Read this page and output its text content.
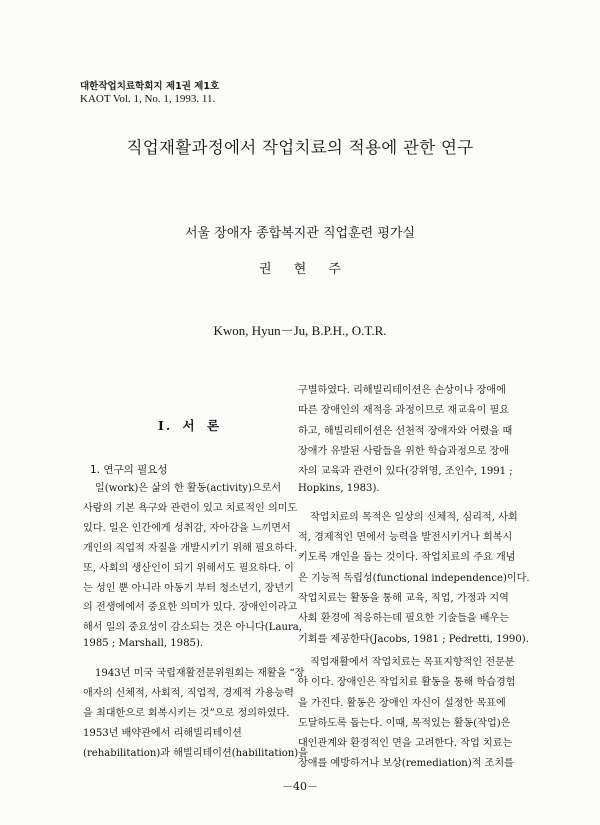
대한작업치료학회지 제1권 제1호
KAOT Vol. 1, No. 1, 1993. 11.
직업재활과정에서 작업치료의 적용에 관한 연구
서울 장애자 종합복지관 직업훈련 평가실
권 현 주
Kwon, Hyun－Ju, B.P.H., O.T.R.
I. 서 론
1. 연구의 필요성
일(work)은 삶의 한 활동(activity)으로서
사람의 기본 욕구와 관련이 있고 치료적인 의미도
있다. 일은 인간에게 성취감, 자아감을 느끼면서
개인의 직업적 자질을 개발시키기 위해 필요하다.
또, 사회의 생산인이 되기 위해서도 필요하다. 이
는 성인 뿐 아니라 아동기 부터 청소년기, 장년기
의 전생에에서 중요한 의미가 있다. 장애인이라고
해서 일의 중요성이 감소되는 것은 아니다(Laura,
1985 ; Marshall, 1985).
1943년 미국 국립재활전문위원회는 재활을 “장
애자의 신체적, 사회적, 직업적, 경제적 가용능력
을 최대한으로 회복시키는 것”으로 정의하였다.
1953년 배약관에서 리해빌리테이션
(rehabilitation)과 해빌리테이션(habilitation)을
구별하였다. 리해빌리테이션은 손상이나 장애에
따른 장애인의 재적응 과정이므로 재교육이 필요
하고, 해빌리테이션은 선천적 장애자와 어렸을 때
장애가 유발된 사람들을 위한 학습과정으로 장애
자의 교육과 관련이 있다(강위영, 조인수, 1991 ;
Hopkins, 1983).
작업치료의 목적은 일상의 신체적, 심리적, 사회
적, 경제적인 면에서 능력을 발전시키거나 회복시
키도록 개인을 돕는 것이다. 작업치료의 주요 개념
은 기능적 독립성(functional independence)이다.
작업치료는 활동을 통해 교육, 직업, 가정과 지역
사회 환경에 적응하는데 필요한 기술들을 배우는
기회를 제공한다(Jacobs, 1981 ; Pedretti, 1990).
직업재활에서 작업치료는 목표지향적인 전문분
야 이다. 장애인은 작업치료 활동을 통해 학습경험
을 가진다. 활동은 장애인 자신이 설정한 목표에
도달하도록 돕는다. 이때, 목적있는 활동(작업)은
대인관계와 환경적인 면을 고려한다. 작업 치료는
장애를 예방하거나 보상(remediation)적 조치를
－40－
